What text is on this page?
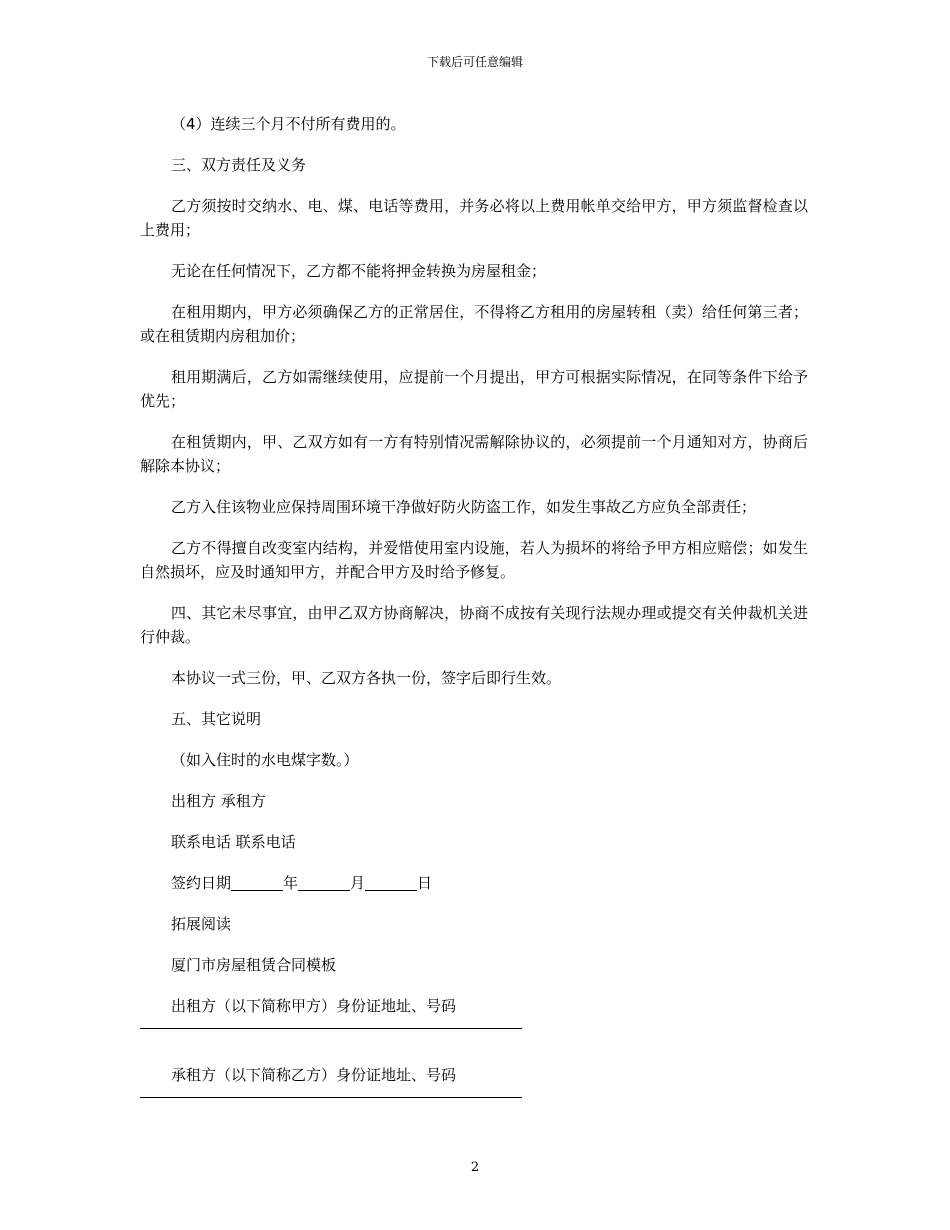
下载后可任意编辑

（4）连续三个月不付所有费用的。

三、双方责任及义务

乙方须按时交纳水、电、煤、电话等费用，并务必将以上费用帐单交给甲方，甲方须监督检查以上费用；

无论在任何情况下，乙方都不能将押金转换为房屋租金；

在租用期内，甲方必须确保乙方的正常居住，不得将乙方租用的房屋转租（卖）给任何第三者；或在租赁期内房租加价；

租用期满后，乙方如需继续使用，应提前一个月提出，甲方可根据实际情况，在同等条件下给予优先；

在租赁期内，甲、乙双方如有一方有特别情况需解除协议的，必须提前一个月通知对方，协商后解除本协议；

乙方入住该物业应保持周围环境干净做好防火防盗工作，如发生事故乙方应负全部责任；

乙方不得擅自改变室内结构，并爱惜使用室内设施，若人为损坏的将给予甲方相应赔偿；如发生自然损坏，应及时通知甲方，并配合甲方及时给予修复。

四、其它未尽事宜，由甲乙双方协商解决，协商不成按有关现行法规办理或提交有关仲裁机关进行仲裁。

本协议一式三份，甲、乙双方各执一份，签字后即行生效。

五、其它说明

（如入住时的水电煤字数。）

出租方 承租方

联系电话 联系电话

签约日期	年	月	日

拓展阅读

厦门市房屋租赁合同模板

出租方（以下简称甲方）身份证地址、号码

承租方（以下简称乙方）身份证地址、号码

2
